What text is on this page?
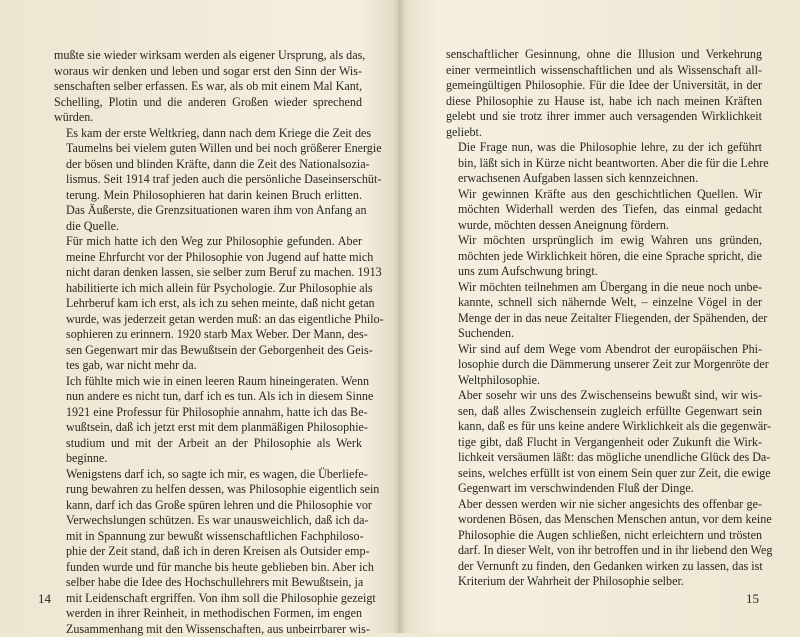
mußte sie wieder wirksam werden als eigener Ursprung, als das,
woraus wir denken und leben und sogar erst den Sinn der Wis-
senschaften selber erfassen. Es war, als ob mit einem Mal Kant,
Schelling, Plotin und die anderen Großen wieder sprechend
würden.

Es kam der erste Weltkrieg, dann nach dem Kriege die Zeit des
Taumelns bei vielem guten Willen und bei noch größerer Energie
der bösen und blinden Kräfte, dann die Zeit des Nationalsozia-
lismus. Seit 1914 traf jeden auch die persönliche Daseinserschüt-
terung. Mein Philosophieren hat darin keinen Bruch erlitten.
Das Äußerste, die Grenzsituationen waren ihm von Anfang an
die Quelle.

Für mich hatte ich den Weg zur Philosophie gefunden. Aber
meine Ehrfurcht vor der Philosophie von Jugend auf hatte mich
nicht daran denken lassen, sie selber zum Beruf zu machen. 1913
habilitierte ich mich allein für Psychologie. Zur Philosophie als
Lehrberuf kam ich erst, als ich zu sehen meinte, daß nicht getan
wurde, was jederzeit getan werden muß: an das eigentliche Philo-
sophieren zu erinnern. 1920 starb Max Weber. Der Mann, des-
sen Gegenwart mir das Bewußtsein der Geborgenheit des Geis-
tes gab, war nicht mehr da.

Ich fühlte mich wie in einen leeren Raum hineingeraten. Wenn
nun andere es nicht tun, darf ich es tun. Als ich in diesem Sinne
1921 eine Professur für Philosophie annahm, hatte ich das Be-
wußtsein, daß ich jetzt erst mit dem planmäßigen Philosophie-
studium und mit der Arbeit an der Philosophie als Werk
beginne.

Wenigstens darf ich, so sagte ich mir, es wagen, die Überliefe-
rung bewahren zu helfen dessen, was Philosophie eigentlich sein
kann, darf ich das Große spüren lehren und die Philosophie vor
Verwechslungen schützen. Es war unausweichlich, daß ich da-
mit in Spannung zur bewußt wissenschaftlichen Fachphiloso-
phie der Zeit stand, daß ich in deren Kreisen als Outsider emp-
funden wurde und für manche bis heute geblieben bin. Aber ich
selber habe die Idee des Hochschullehrers mit Bewußtsein, ja
mit Leidenschaft ergriffen. Von ihm soll die Philosophie gezeigt
werden in ihrer Reinheit, in methodischen Formen, im engen
Zusammenhang mit den Wissenschaften, aus unbeirrbarer wis-

14

senschaftlicher Gesinnung, ohne die Illusion und Verkehrung
einer vermeintlich wissenschaftlichen und als Wissenschaft all-
gemeingültigen Philosophie. Für die Idee der Universität, in der
diese Philosophie zu Hause ist, habe ich nach meinen Kräften
gelebt und sie trotz ihrer immer auch versagenden Wirklichkeit
geliebt.

Die Frage nun, was die Philosophie lehre, zu der ich geführt
bin, läßt sich in Kürze nicht beantworten. Aber die für die Lehre
erwachsenen Aufgaben lassen sich kennzeichnen.

Wir gewinnen Kräfte aus den geschichtlichen Quellen. Wir
möchten Widerhall werden des Tiefen, das einmal gedacht
wurde, möchten dessen Aneignung fördern.

Wir möchten ursprünglich im ewig Wahren uns gründen,
möchten jede Wirklichkeit hören, die eine Sprache spricht, die
uns zum Aufschwung bringt.

Wir möchten teilnehmen am Übergang in die neue noch unbe-
kannte, schnell sich nähernde Welt, – einzelne Vögel in der
Menge der in das neue Zeitalter Fliegenden, der Spähenden, der
Suchenden.

Wir sind auf dem Wege vom Abendrot der europäischen Phi-
losophie durch die Dämmerung unserer Zeit zur Morgenröte der
Weltphilosophie.

Aber sosehr wir uns des Zwischenseins bewußt sind, wir wis-
sen, daß alles Zwischensein zugleich erfüllte Gegenwart sein
kann, daß es für uns keine andere Wirklichkeit als die gegenwär-
tige gibt, daß Flucht in Vergangenheit oder Zukunft die Wirk-
lichkeit versäumen läßt: das mögliche unendliche Glück des Da-
seins, welches erfüllt ist von einem Sein quer zur Zeit, die ewige
Gegenwart im verschwindenden Fluß der Dinge.

Aber dessen werden wir nie sicher angesichts des offenbar ge-
wordenen Bösen, das Menschen Menschen antun, vor dem keine
Philosophie die Augen schließen, nicht erleichtern und trösten
darf. In dieser Welt, von ihr betroffen und in ihr liebend den Weg
der Vernunft zu finden, den Gedanken wirken zu lassen, das ist
Kriterium der Wahrheit der Philosophie selber.

15
